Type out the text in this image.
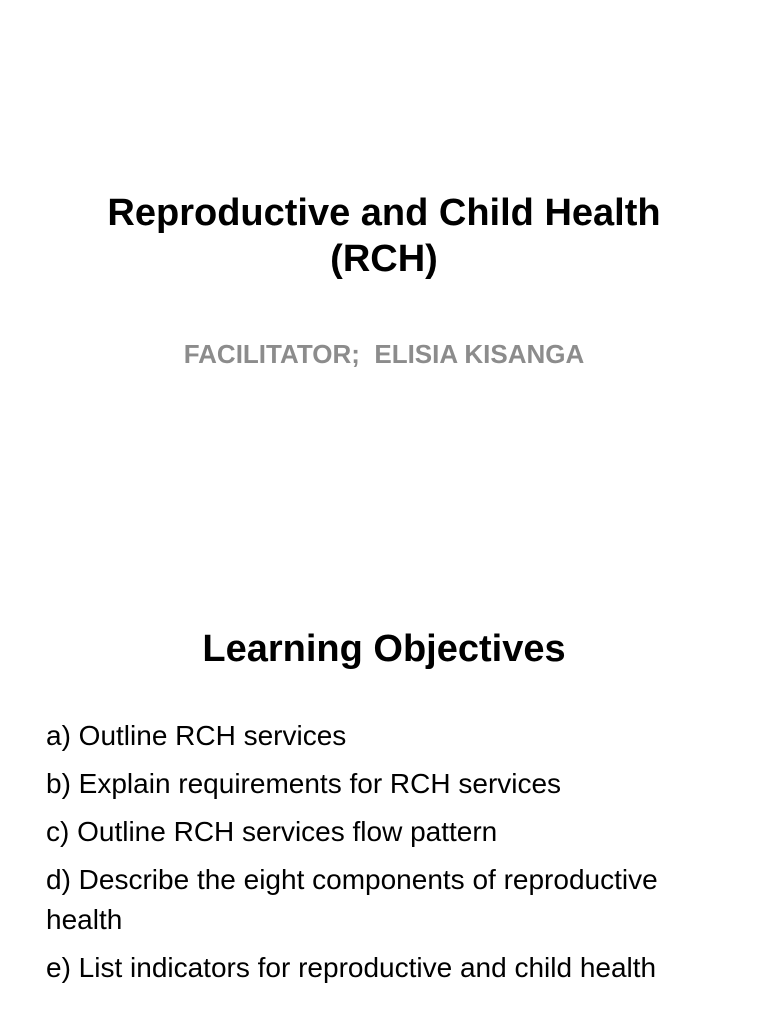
Reproductive and Child Health
(RCH)

FACILITATOR;  ELISIA KISANGA

Learning Objectives
a) Outline RCH services
b) Explain requirements for RCH services
c) Outline RCH services flow pattern
d) Describe the eight components of reproductive health
e) List indicators for reproductive and child health
